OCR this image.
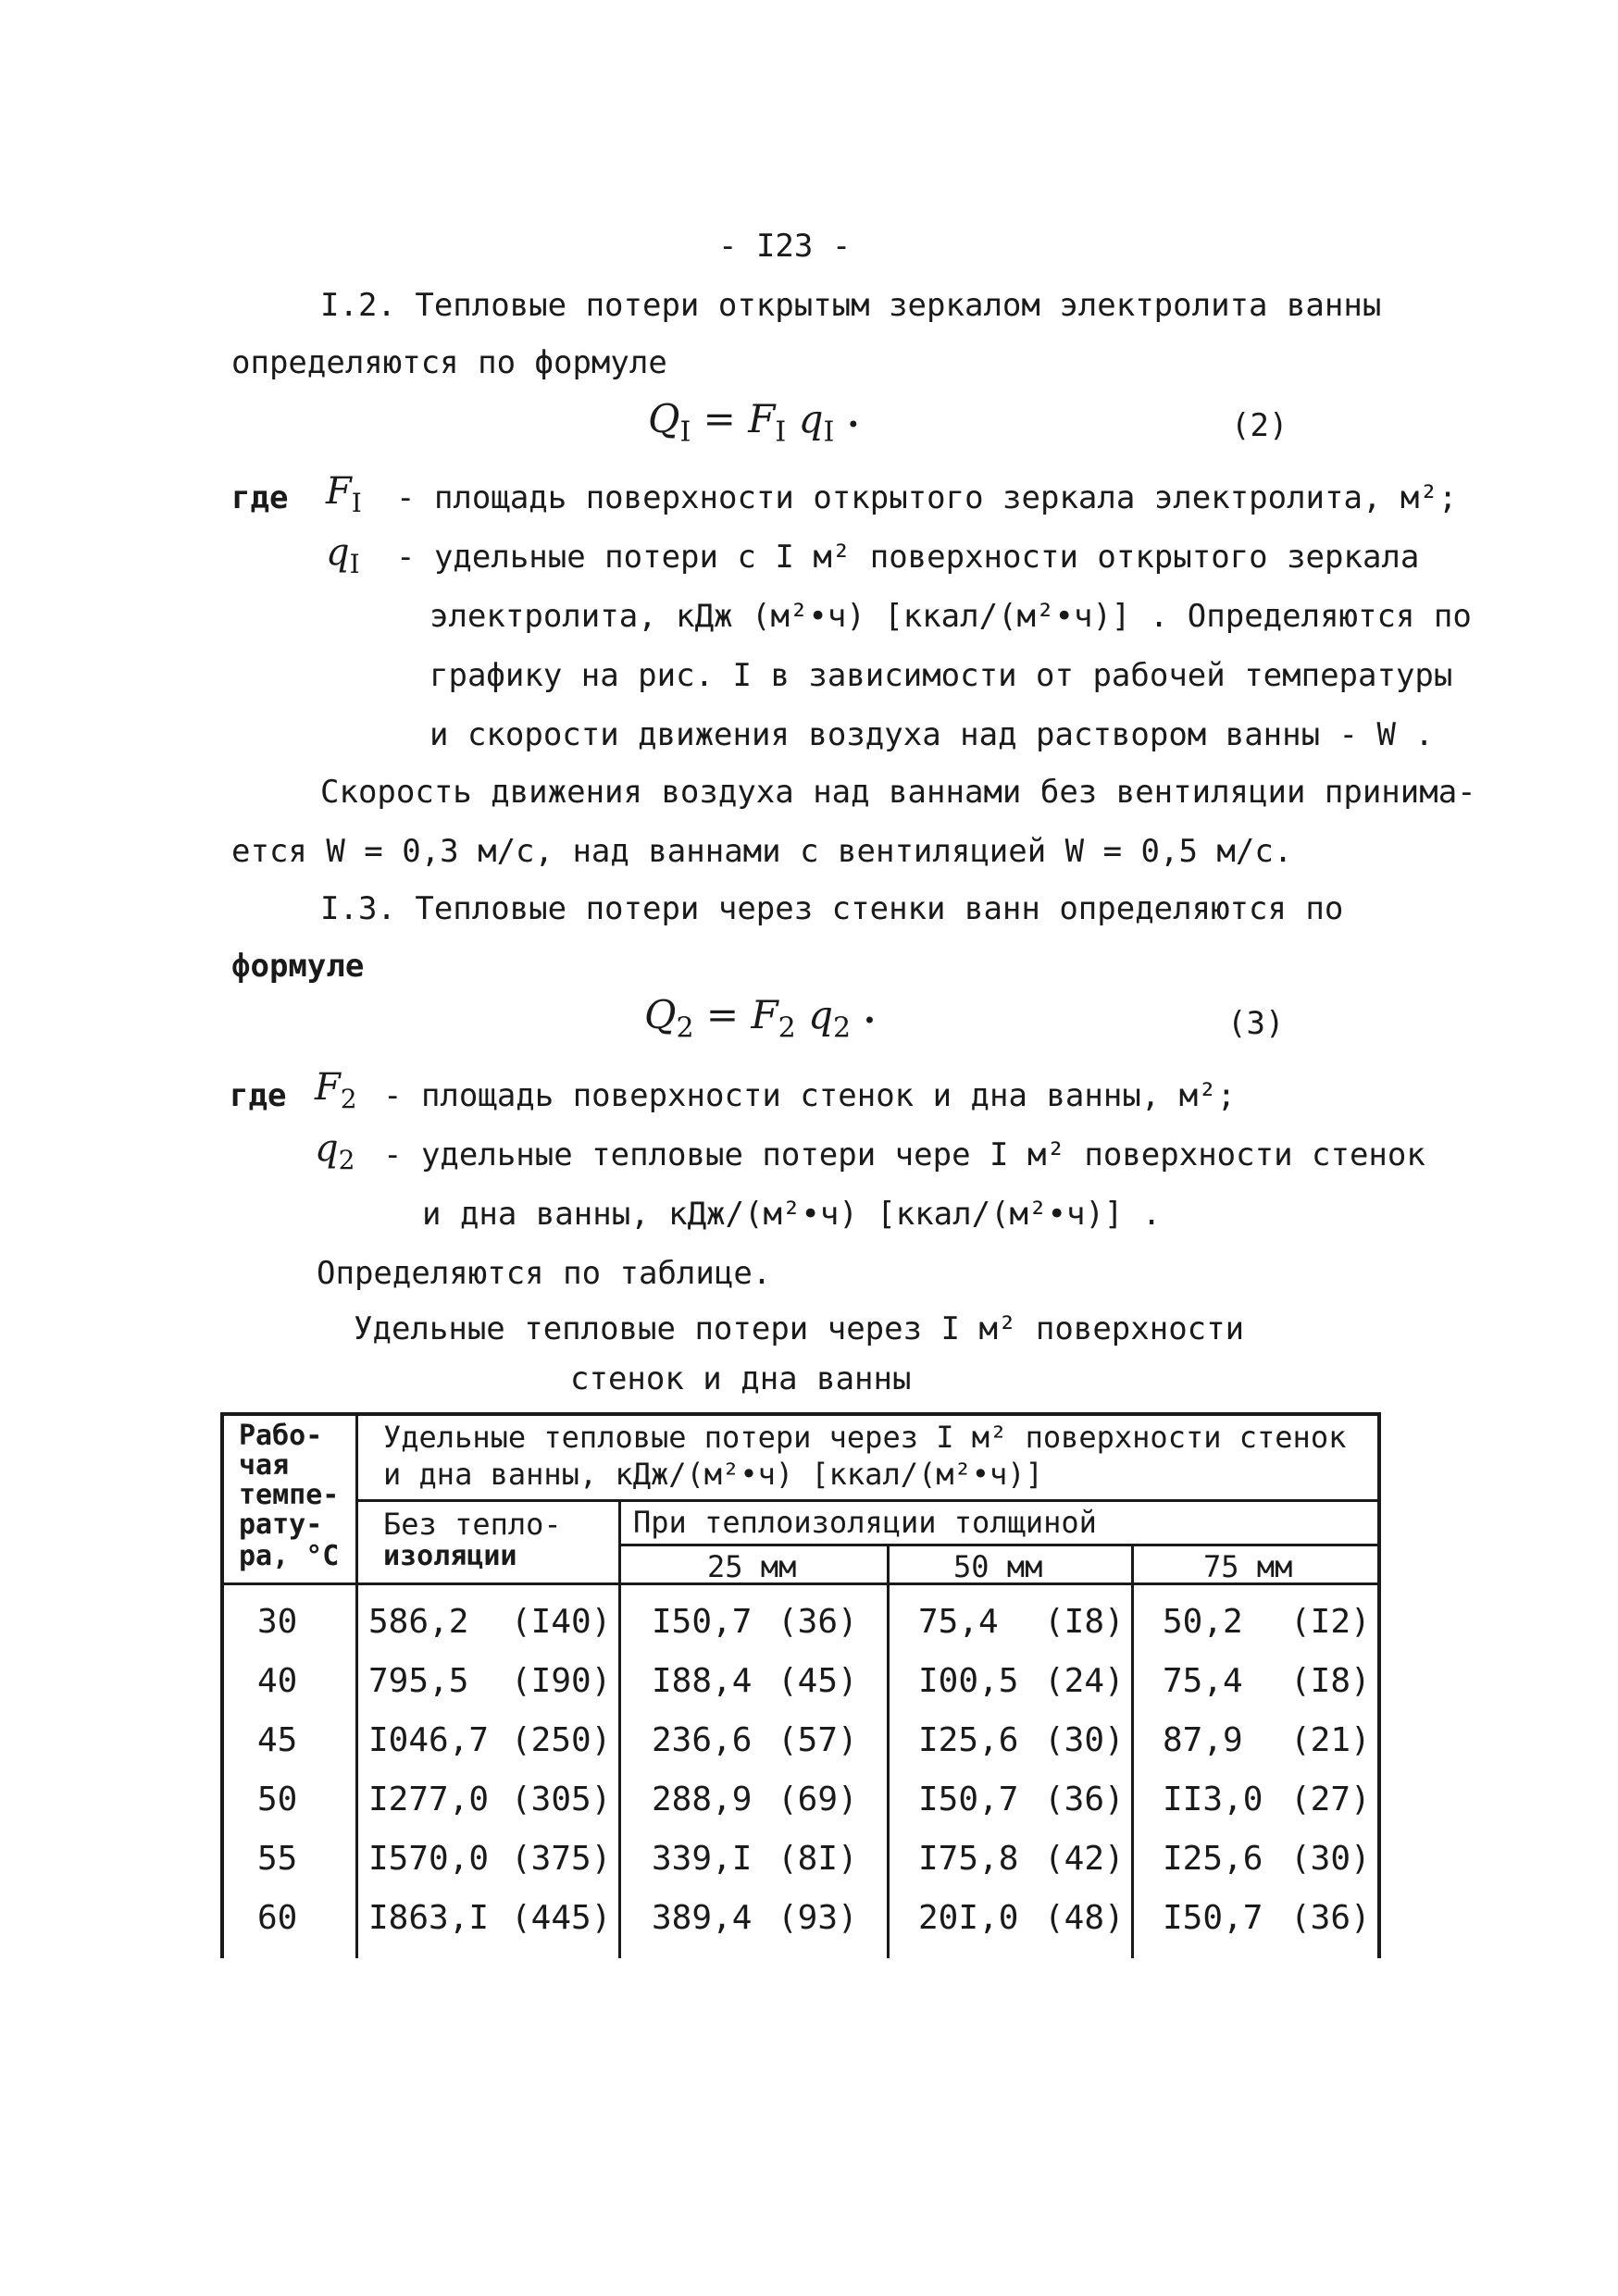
- I23 -
I.2. Тепловые потери открытым зеркалом электролита ванны
определяются по формуле
$Q_I = F_I$ $q_I$ •	(2)
где $F_I$ - площадь поверхности открытого зеркала электролита, м²;
$q_I$ - удельные потери с I м² поверхности открытого зеркала
электролита, кДж (м²•ч) [ккал/(м²•ч)] . Определяются по
графику на рис. I в зависимости от рабочей температуры
и скорости движения воздуха над раствором ванны - W .
Скорость движения воздуха над ваннами без вентиляции принима-
ется W = 0,3 м/с, над ваннами с вентиляцией W = 0,5 м/с.
I.3. Тепловые потери через стенки ванн определяются по
формуле
$Q_2 = F_2$ $q_2$ •	(3)
где $F_2$ - площадь поверхности стенок и дна ванны, м²;
$q_2$ - удельные тепловые потери чере I м² поверхности стенок
и дна ванны, кДж/(м²•ч) [ккал/(м²•ч)] .
Определяются по таблице.
Удельные тепловые потери через I м² поверхности
стенок и дна ванны
Рабо-
чая
темпе-
рату-
ра, °С
Удельные тепловые потери через I м² поверхности стенок
и дна ванны, кДж/(м²•ч) [ккал/(м²•ч)]
Без тепло-
изоляции
При теплоизоляции толщиной
25 мм	50 мм	75 мм
30 586,2 (I40) I50,7 (36) 75,4 (I8) 50,2 (I2)
40 795,5 (I90) I88,4 (45) I00,5 (24) 75,4 (I8)
45 I046,7 (250) 236,6 (57) I25,6 (30) 87,9 (21)
50 I277,0 (305) 288,9 (69) I50,7 (36) II3,0 (27)
55 I570,0 (375) 339,I (8I) I75,8 (42) I25,6 (30)
60 I863,I (445) 389,4 (93) 20I,0 (48) I50,7 (36)
